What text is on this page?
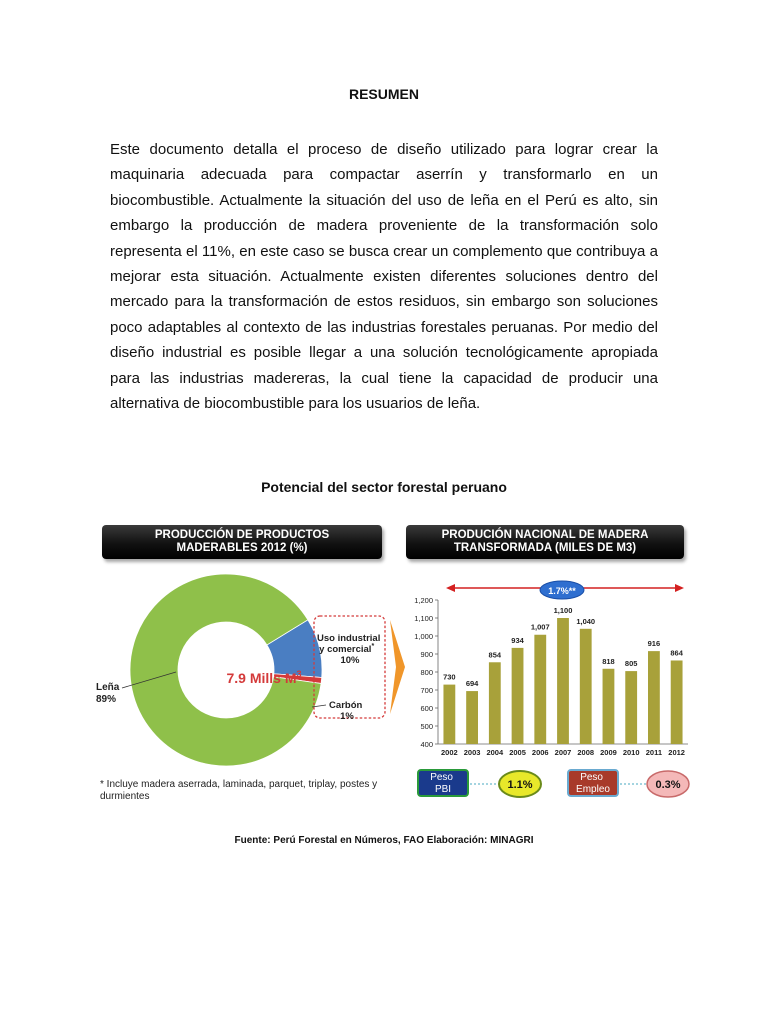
RESUMEN
Este documento detalla el proceso de diseño utilizado para lograr crear la maquinaria adecuada para compactar aserrín y transformarlo en un biocombustible. Actualmente la situación del uso de leña en el Perú es alto, sin embargo la producción de madera proveniente de la transformación solo representa el 11%, en este caso se busca crear un complemento que contribuya a mejorar esta situación. Actualmente existen diferentes soluciones dentro del mercado para la transformación de estos residuos, sin embargo son soluciones poco adaptables al contexto de las industrias forestales peruanas. Por medio del diseño industrial es posible llegar a una solución tecnológicamente apropiada para las industrias madereras, la cual tiene la capacidad de producir una alternativa de biocombustible para los usuarios de leña.
Potencial del sector forestal peruano
PRODUCCIÓN DE PRODUCTOS
MADERABLES 2012 (%)
PRODUCIÓN NACIONAL DE MADERA
TRANSFORMADA (MILES DE M3)
7.9 Mills $M^3$
Leña 89%
Uso industrial y comercial* 10%
Carbón 1%
1.7%**
400
500
600
700
800
900
1,000
1,100
1,200
730
2002
694
2003
854
2004
934
2005
1,007
2006
1,100
2007
1,040
2008
818
2009
805
2010
916
2011
864
2012
Peso PBI	1.1%
Peso Empleo	0.3%
* Incluye madera aserrada, laminada, parquet, triplay, postes y durmientes
Fuente: Perú Forestal en Números, FAO Elaboración: MINAGRI
